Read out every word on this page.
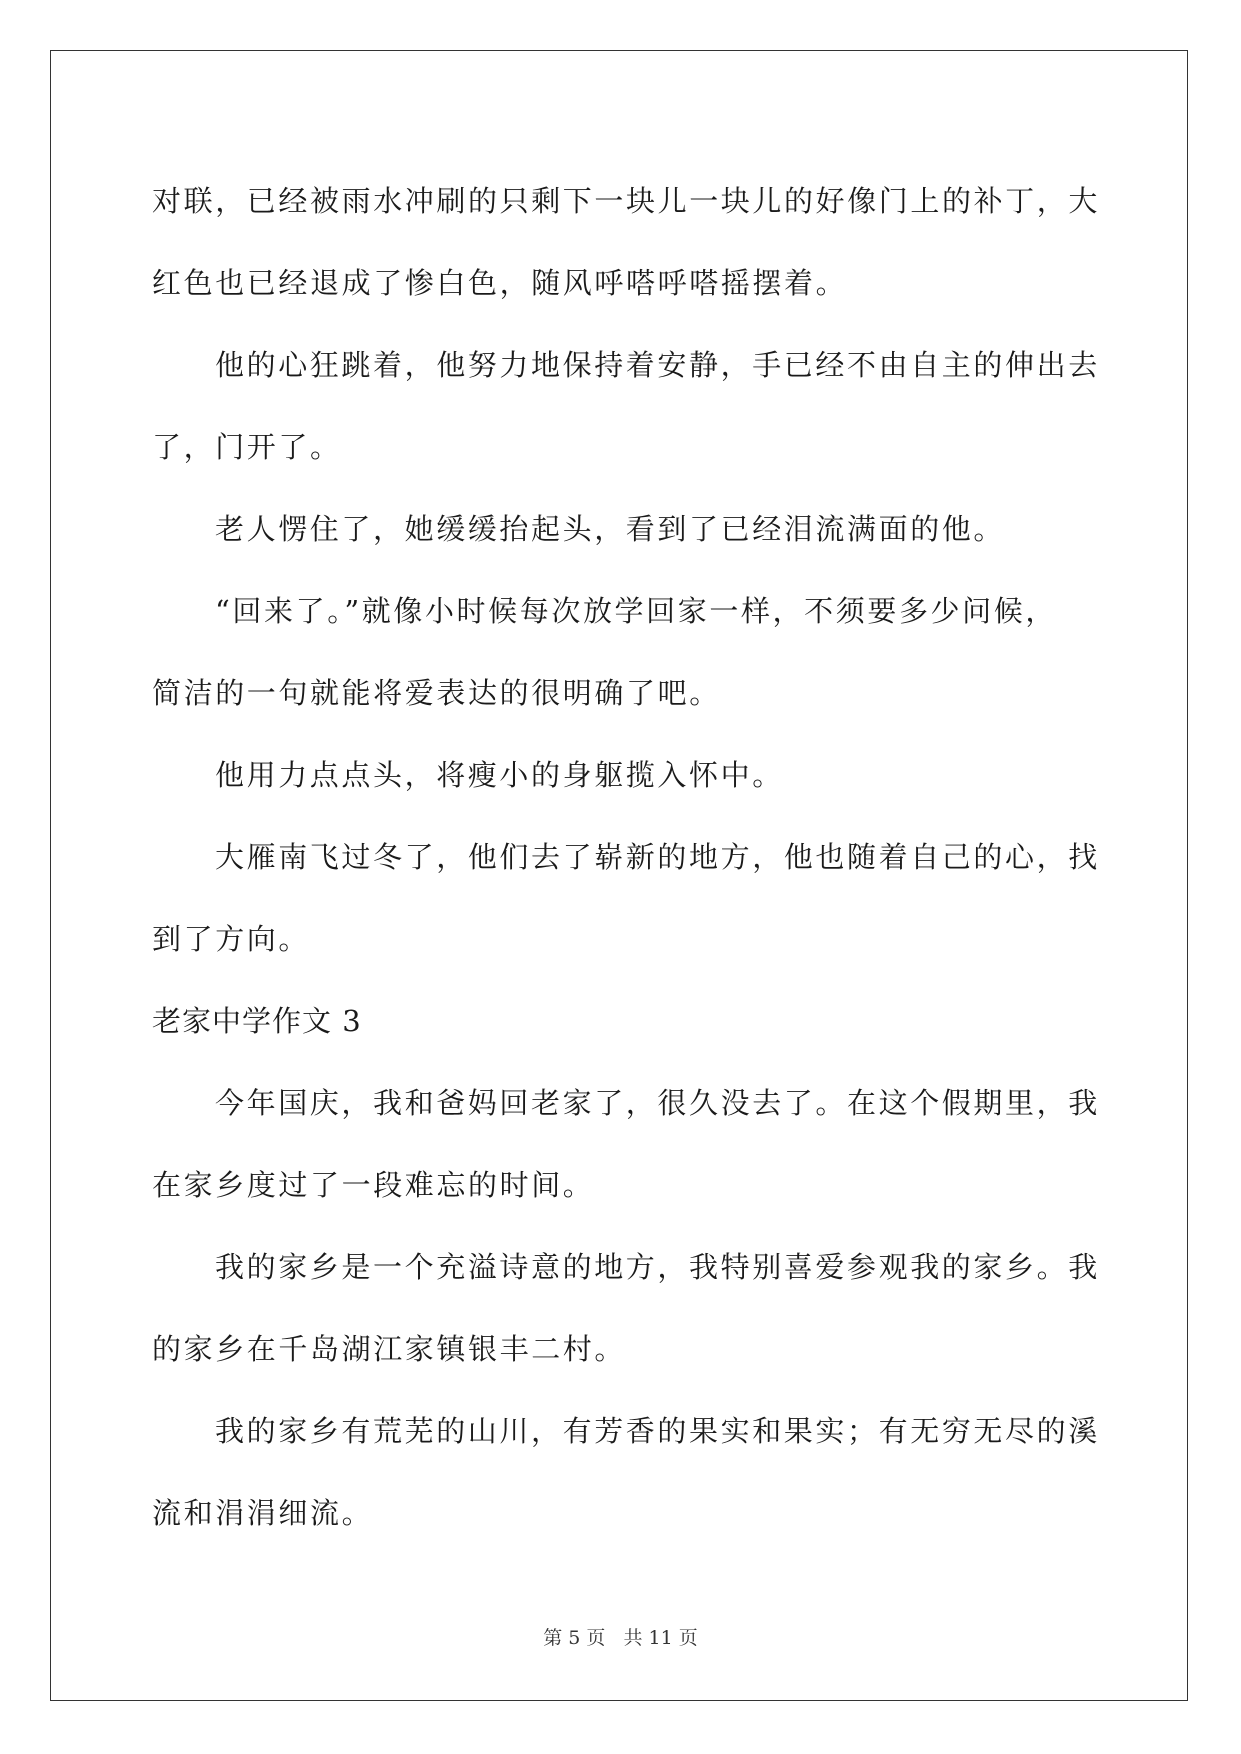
对联，已经被雨水冲刷的只剩下一块儿一块儿的好像门上的补丁，大

红色也已经退成了惨白色，随风呼嗒呼嗒摇摆着。

他的心狂跳着，他努力地保持着安静，手已经不由自主的伸出去

了，门开了。

老人愣住了，她缓缓抬起头，看到了已经泪流满面的他。

“回来了。”就像小时候每次放学回家一样，不须要多少问候，

简洁的一句就能将爱表达的很明确了吧。

他用力点点头，将瘦小的身躯揽入怀中。

大雁南飞过冬了，他们去了崭新的地方，他也随着自己的心，找

到了方向。

老家中学作文 3

今年国庆，我和爸妈回老家了，很久没去了。在这个假期里，我

在家乡度过了一段难忘的时间。

我的家乡是一个充溢诗意的地方，我特别喜爱参观我的家乡。我

的家乡在千岛湖江家镇银丰二村。

我的家乡有荒芜的山川，有芳香的果实和果实；有无穷无尽的溪

流和涓涓细流。

第 5 页 共 11 页
